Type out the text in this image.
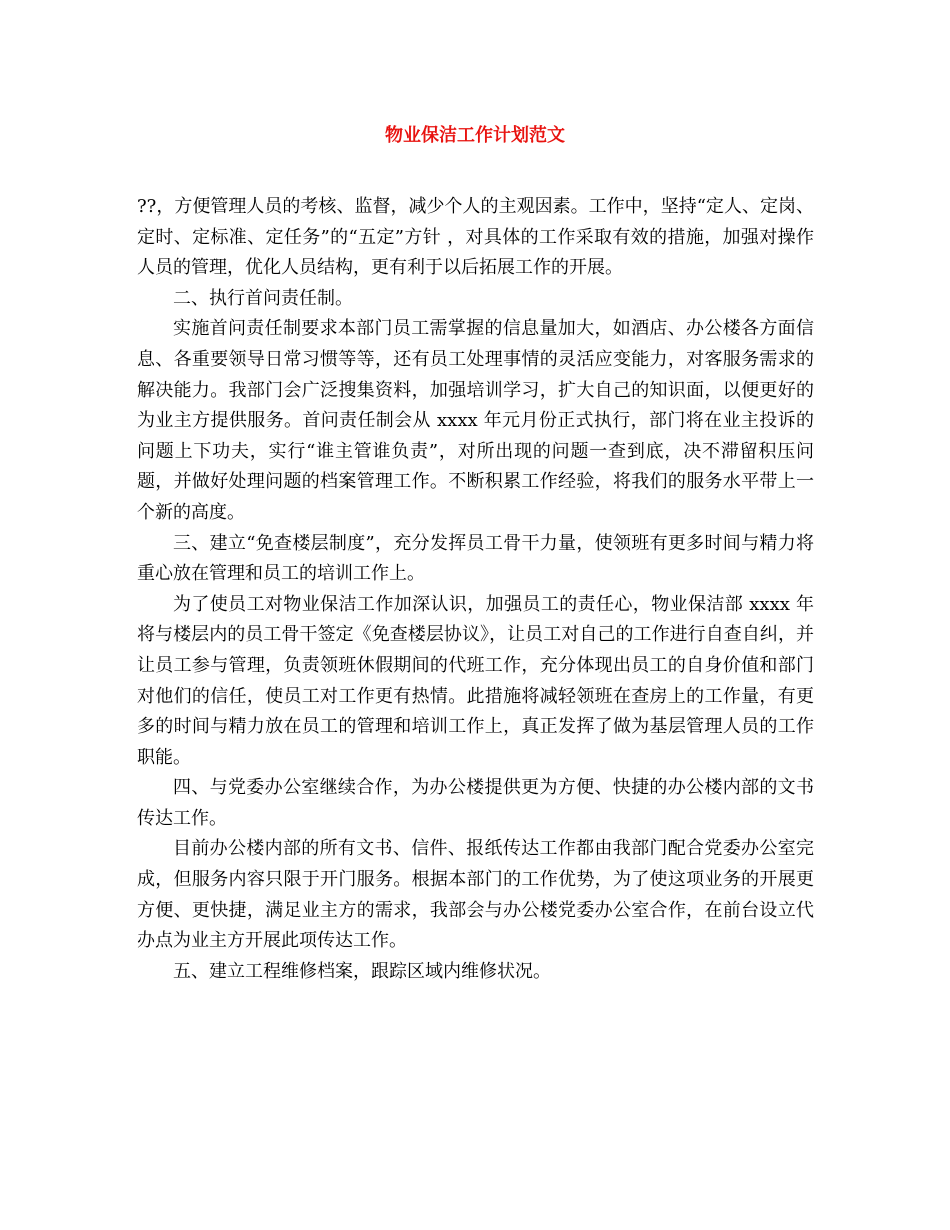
物业保洁工作计划范文

??，方便管理人员的考核、监督，减少个人的主观因素。工作中，坚持“定人、定岗、定时、定标准、定任务”的“五定”方针 ，对具体的工作采取有效的措施，加强对操作人员的管理，优化人员结构，更有利于以后拓展工作的开展。

二、执行首问责任制。

实施首问责任制要求本部门员工需掌握的信息量加大，如酒店、办公楼各方面信息、各重要领导日常习惯等等，还有员工处理事情的灵活应变能力，对客服务需求的解决能力。我部门会广泛搜集资料，加强培训学习，扩大自己的知识面，以便更好的为业主方提供服务。首问责任制会从 xxxx 年元月份正式执行，部门将在业主投诉的问题上下功夫，实行“谁主管谁负责”，对所出现的问题一查到底，决不滞留积压问题，并做好处理问题的档案管理工作。不断积累工作经验，将我们的服务水平带上一个新的高度。

三、建立“免查楼层制度”，充分发挥员工骨干力量，使领班有更多时间与精力将重心放在管理和员工的培训工作上。

为了使员工对物业保洁工作加深认识，加强员工的责任心，物业保洁部 xxxx 年将与楼层内的员工骨干签定《免查楼层协议》，让员工对自己的工作进行自查自纠，并让员工参与管理，负责领班休假期间的代班工作，充分体现出员工的自身价值和部门对他们的信任，使员工对工作更有热情。此措施将减轻领班在查房上的工作量，有更多的时间与精力放在员工的管理和培训工作上，真正发挥了做为基层管理人员的工作职能。

四、与党委办公室继续合作，为办公楼提供更为方便、快捷的办公楼内部的文书传达工作。

目前办公楼内部的所有文书、信件、报纸传达工作都由我部门配合党委办公室完成，但服务内容只限于开门服务。根据本部门的工作优势，为了使这项业务的开展更方便、更快捷，满足业主方的需求，我部会与办公楼党委办公室合作，在前台设立代办点为业主方开展此项传达工作。

五、建立工程维修档案，跟踪区域内维修状况。
